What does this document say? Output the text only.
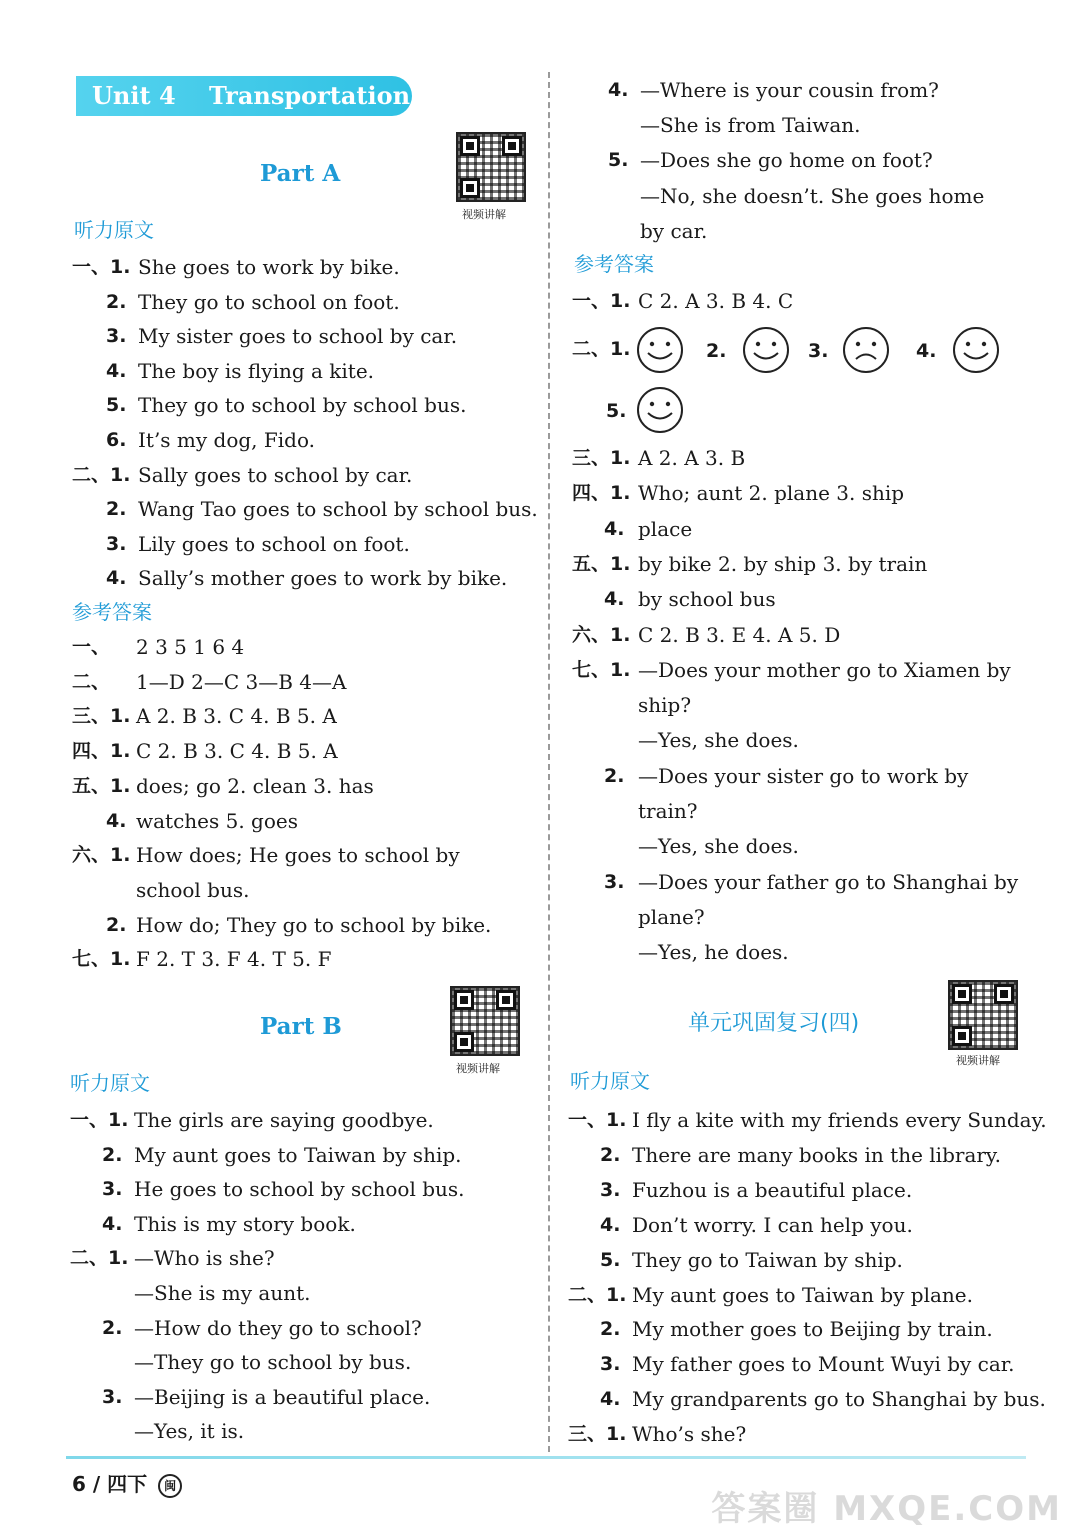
Unit 4    Transportation
Part A
视频讲解
听力原文
一、1. She goes to work by bike.
2. They go to school on foot.
3. My sister goes to school by car.
4. The boy is flying a kite.
5. They go to school by school bus.
6. It’s my dog, Fido.
二、1. Sally goes to school by car.
2. Wang Tao goes to school by school bus.
3. Lily goes to school on foot.
4. Sally’s mother goes to work by bike.
参考答案
一、 2 3 5 1 6 4
二、 1—D 2—C 3—B 4—A
三、1. A 2. B 3. C 4. B 5. A
四、1. C 2. B 3. C 4. B 5. A
五、1. does; go 2. clean 3. has
4. watches 5. goes
六、1. How does; He goes to school by
school bus.
2. How do; They go to school by bike.
七、1. F 2. T 3. F 4. T 5. F
Part B
视频讲解
听力原文
一、1. The girls are saying goodbye.
2. My aunt goes to Taiwan by ship.
3. He goes to school by school bus.
4. This is my story book.
二、1. —Who is she?
—She is my aunt.
2. —How do they go to school?
—They go to school by bus.
3. —Beijing is a beautiful place.
—Yes, it is.
4. —Where is your cousin from?
—She is from Taiwan.
5. —Does she go home on foot?
—No, she doesn’t. She goes home
by car.
参考答案
一、1. C 2. A 3. B 4. C
二、1.	2.	3.	4.
5.
三、1. A 2. A 3. B
四、1. Who; aunt 2. plane 3. ship
4. place
五、1. by bike 2. by ship 3. by train
4. by school bus
六、1. C 2. B 3. E 4. A 5. D
七、1. —Does your mother go to Xiamen by
ship?
—Yes, she does.
2. —Does your sister go to work by
train?
—Yes, she does.
3. —Does your father go to Shanghai by
plane?
—Yes, he does.
单元巩固复习(四)
视频讲解
听力原文
一、1. I fly a kite with my friends every Sunday.
2. There are many books in the library.
3. Fuzhou is a beautiful place.
4. Don’t worry. I can help you.
5. They go to Taiwan by ship.
二、1. My aunt goes to Taiwan by plane.
2. My mother goes to Beijing by train.
3. My father goes to Mount Wuyi by car.
4. My grandparents go to Shanghai by bus.
三、1. Who’s she?
6 / 四下 闽
答案圈 MXQE.COM
